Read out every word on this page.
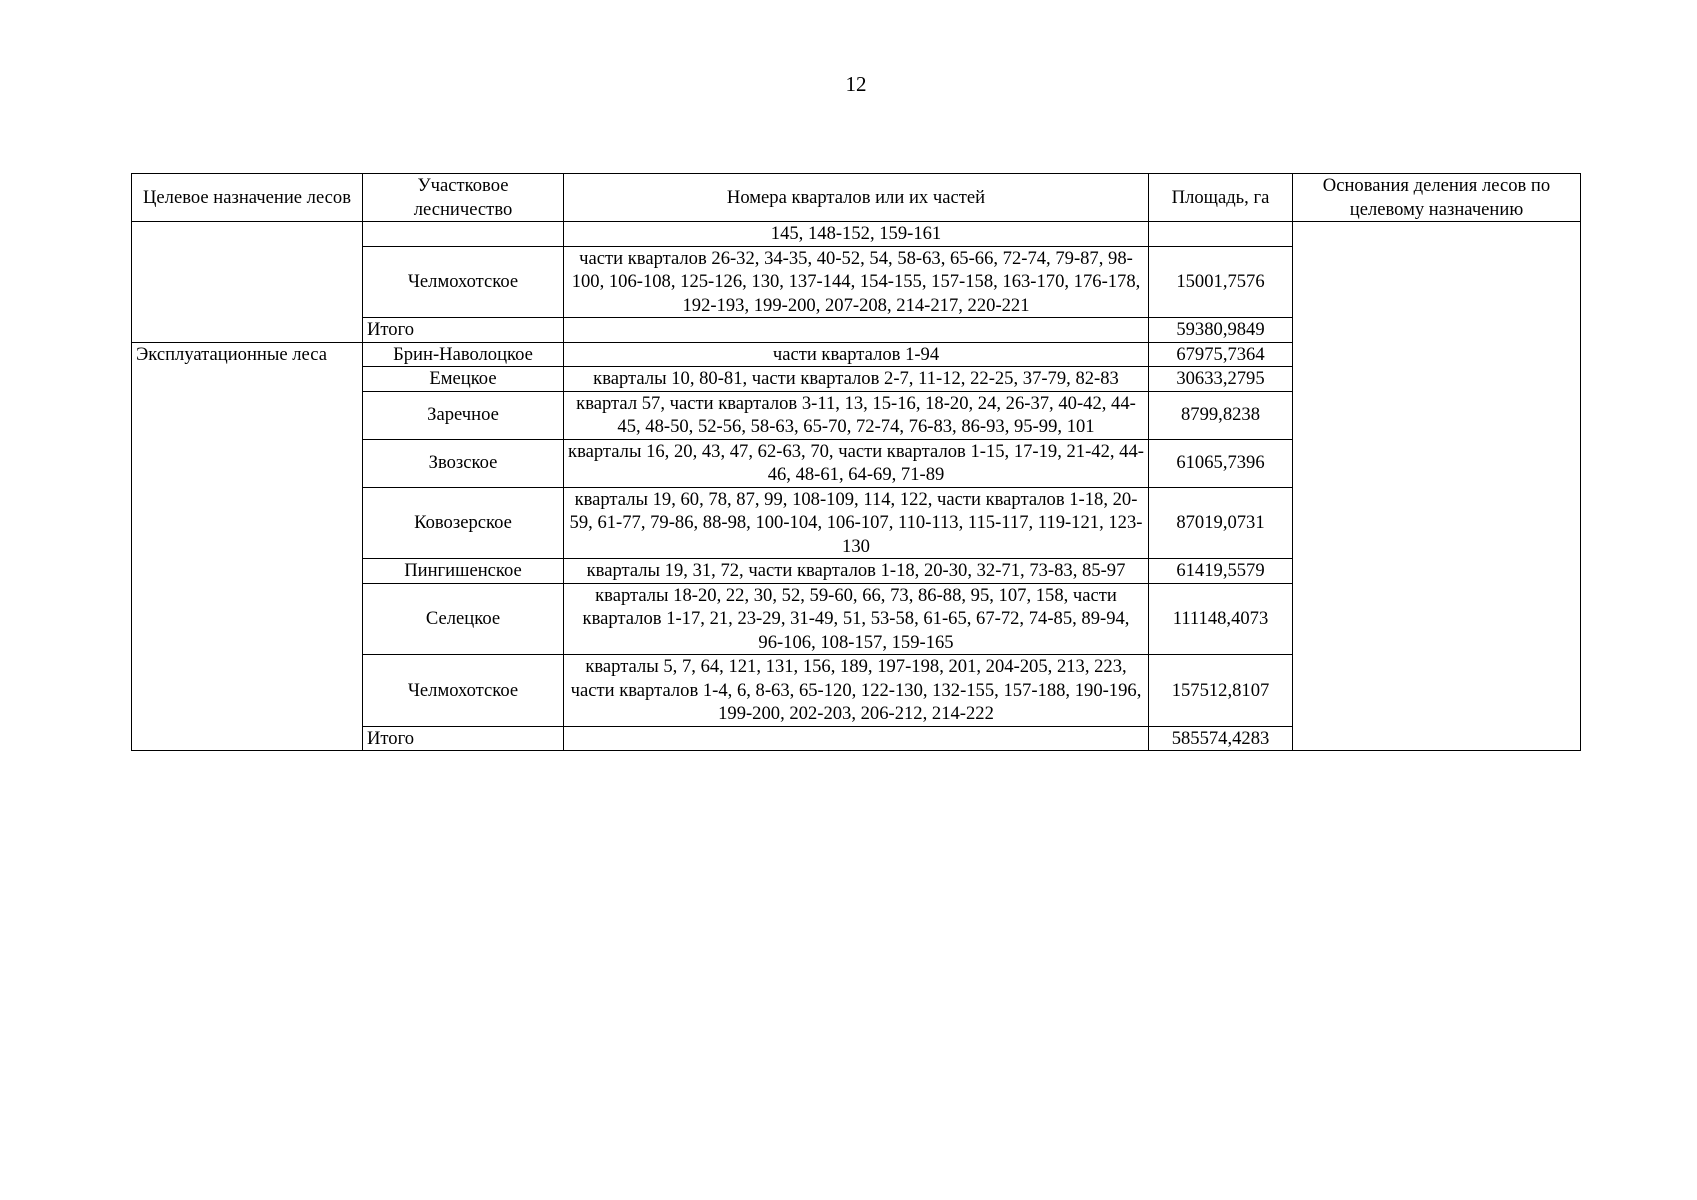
12
Целевое назначение лесов	Участковое лесничество	Номера кварталов или их частей	Площадь, га	Основания деления лесов по целевому назначению
		145, 148-152, 159-161		
	Челмохотское	части кварталов 26-32, 34-35, 40-52, 54, 58-63, 65-66, 72-74, 79-87, 98-100, 106-108, 125-126, 130, 137-144, 154-155, 157-158, 163-170, 176-178, 192-193, 199-200, 207-208, 214-217, 220-221	15001,7576	
	Итого		59380,9849	
Эксплуатационные леса	Брин-Наволоцкое	части кварталов 1-94	67975,7364	
	Емецкое	кварталы 10, 80-81, части кварталов 2-7, 11-12, 22-25, 37-79, 82-83	30633,2795	
	Заречное	квартал 57, части кварталов 3-11, 13, 15-16, 18-20, 24, 26-37, 40-42, 44-45, 48-50, 52-56, 58-63, 65-70, 72-74, 76-83, 86-93, 95-99, 101	8799,8238	
	Звозское	кварталы 16, 20, 43, 47, 62-63, 70, части кварталов 1-15, 17-19, 21-42, 44-46, 48-61, 64-69, 71-89	61065,7396	
	Ковозерское	кварталы 19, 60, 78, 87, 99, 108-109, 114, 122, части кварталов 1-18, 20-59, 61-77, 79-86, 88-98, 100-104, 106-107, 110-113, 115-117, 119-121, 123-130	87019,0731	
	Пингишенское	кварталы 19, 31, 72, части кварталов 1-18, 20-30, 32-71, 73-83, 85-97	61419,5579	
	Селецкое	кварталы 18-20, 22, 30, 52, 59-60, 66, 73, 86-88, 95, 107, 158, части кварталов 1-17, 21, 23-29, 31-49, 51, 53-58, 61-65, 67-72, 74-85, 89-94, 96-106, 108-157, 159-165	111148,4073	
	Челмохотское	кварталы 5, 7, 64, 121, 131, 156, 189, 197-198, 201, 204-205, 213, 223, части кварталов 1-4, 6, 8-63, 65-120, 122-130, 132-155, 157-188, 190-196, 199-200, 202-203, 206-212, 214-222	157512,8107	
	Итого		585574,4283	
